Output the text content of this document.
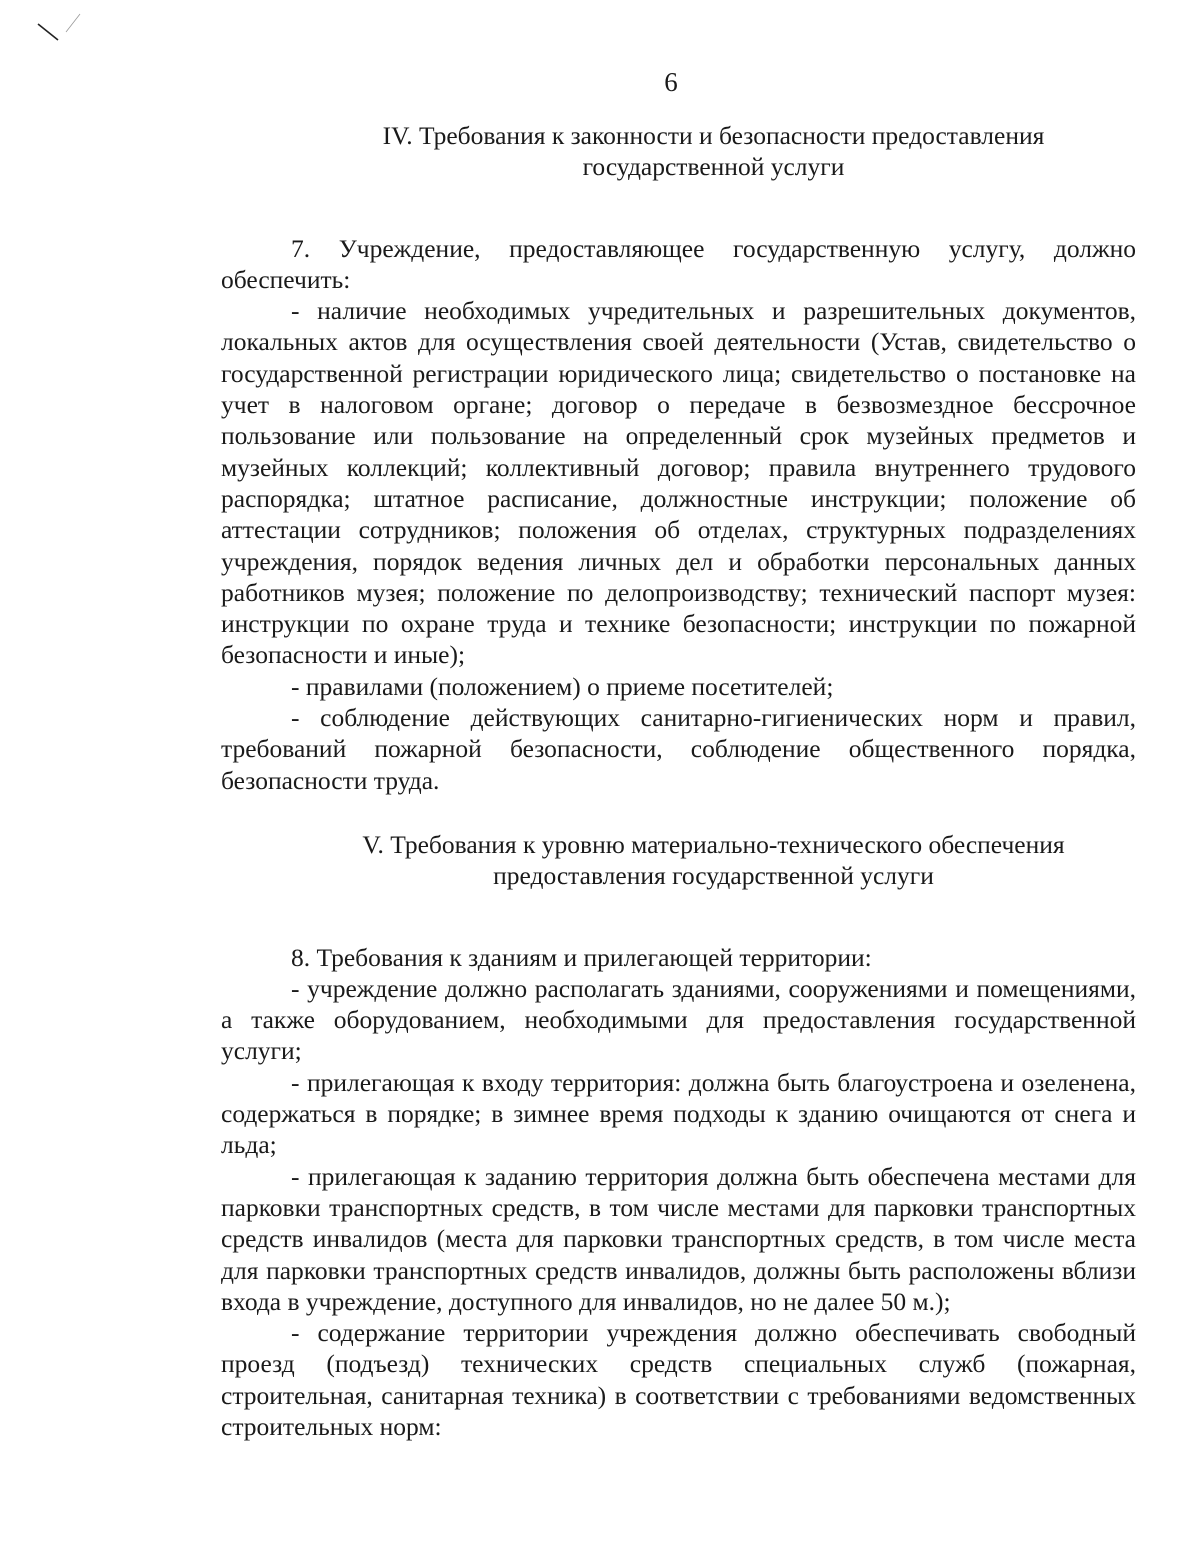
6
IV. Требования к законности и безопасности предоставления
государственной услуги

7. Учреждение, предоставляющее государственную услугу, должно обеспечить:

- наличие необходимых учредительных и разрешительных документов, локальных актов для осуществления своей деятельности (Устав, свидетельство о государственной регистрации юридического лица; свидетельство о постановке на учет в налоговом органе; договор о передаче в безвозмездное бессрочное пользование или пользование на определенный срок музейных предметов и музейных коллекций; коллективный договор; правила внутреннего трудового распорядка; штатное расписание, должностные инструкции; положение об аттестации сотрудников; положения об отделах, структурных подразделениях учреждения, порядок ведения личных дел и обработки персональных данных работников музея; положение по делопроизводству; технический паспорт музея: инструкции по охране труда и технике безопасности; инструкции по пожарной безопасности и иные);

- правилами (положением) о приеме посетителей;

- соблюдение действующих санитарно-гигиенических норм и правил, требований пожарной безопасности, соблюдение общественного порядка, безопасности труда.

V. Требования к уровню материально-технического обеспечения
предоставления государственной услуги

8. Требования к зданиям и прилегающей территории:

- учреждение должно располагать зданиями, сооружениями и помещениями, а также оборудованием, необходимыми для предоставления государственной услуги;

- прилегающая к входу территория: должна быть благоустроена и озеленена, содержаться в порядке; в зимнее время подходы к зданию очищаются от снега и льда;

- прилегающая к заданию территория должна быть обеспечена местами для парковки транспортных средств, в том числе местами для парковки транспортных средств инвалидов (места для парковки транспортных средств, в том числе места для парковки транспортных средств инвалидов, должны быть расположены вблизи входа в учреждение, доступного для инвалидов, но не далее 50 м.);

- содержание территории учреждения должно обеспечивать свободный проезд (подъезд) технических средств специальных служб (пожарная, строительная, санитарная техника) в соответствии с требованиями ведомственных строительных норм:
